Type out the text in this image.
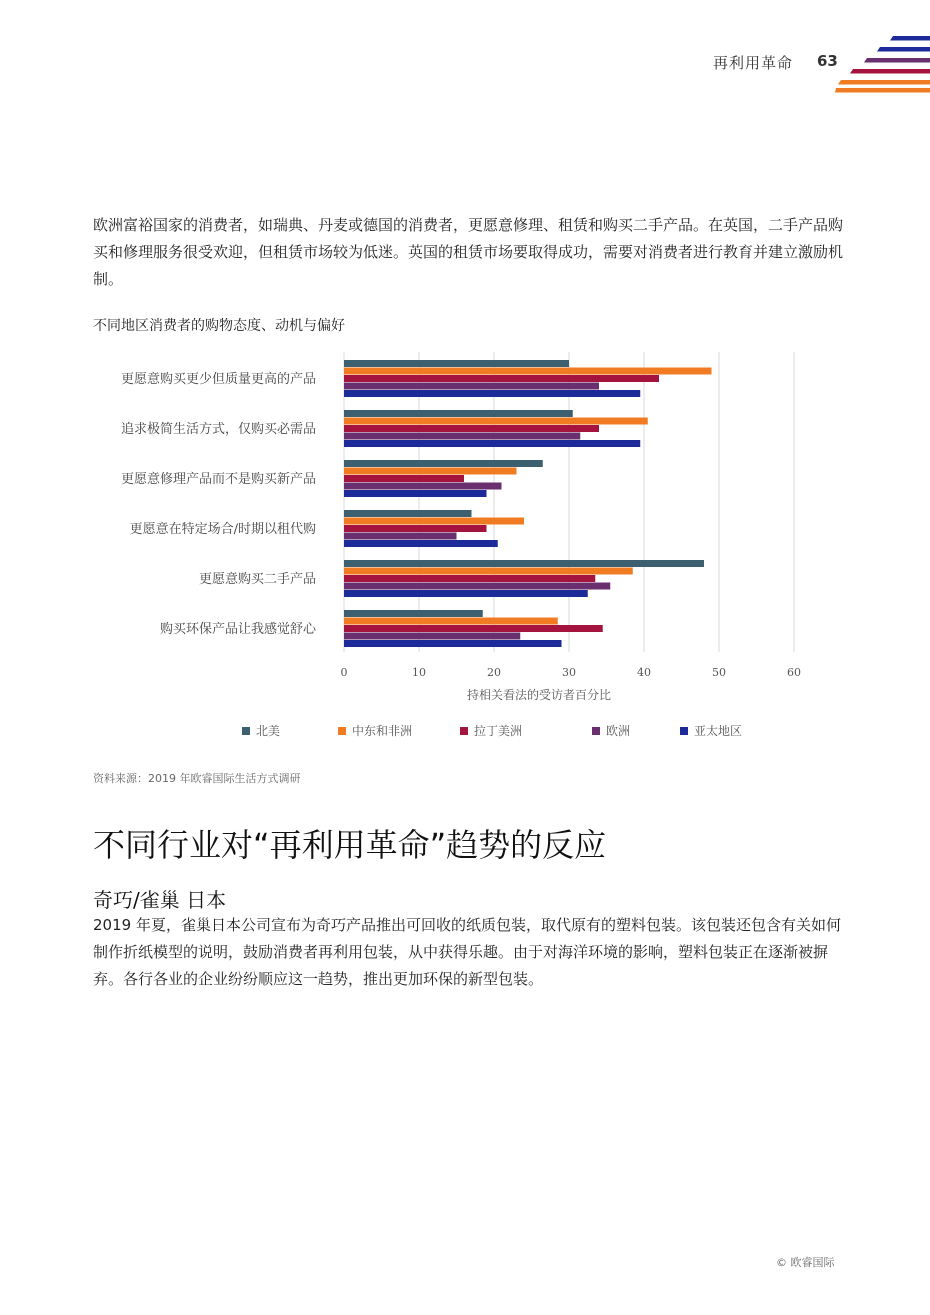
再利用革命 63

欧洲富裕国家的消费者，如瑞典、丹麦或德国的消费者，更愿意修理、租赁和购买二手产品。在英国，二手产品购买和修理服务很受欢迎，但租赁市场较为低迷。英国的租赁市场要取得成功，需要对消费者进行教育并建立激励机制。

不同地区消费者的购物态度、动机与偏好
更愿意购买更少但质量更高的产品
追求极简生活方式，仅购买必需品
更愿意修理产品而不是购买新产品
更愿意在特定场合/时期以租代购
更愿意购买二手产品
购买环保产品让我感觉舒心
0	10	20	30	40	50	60
持相关看法的受访者百分比
北美	中东和非洲	拉丁美洲	欧洲	亚太地区
资料来源：2019 年欧睿国际生活方式调研
不同行业对“再利用革命”趋势的反应
奇巧/雀巢 日本

2019 年夏，雀巢日本公司宣布为奇巧产品推出可回收的纸质包装，取代原有的塑料包装。该包装还包含有关如何制作折纸模型的说明，鼓励消费者再利用包装，从中获得乐趣。由于对海洋环境的影响，塑料包装正在逐渐被摒弃。各行各业的企业纷纷顺应这一趋势，推出更加环保的新型包装。

© 欧睿国际
